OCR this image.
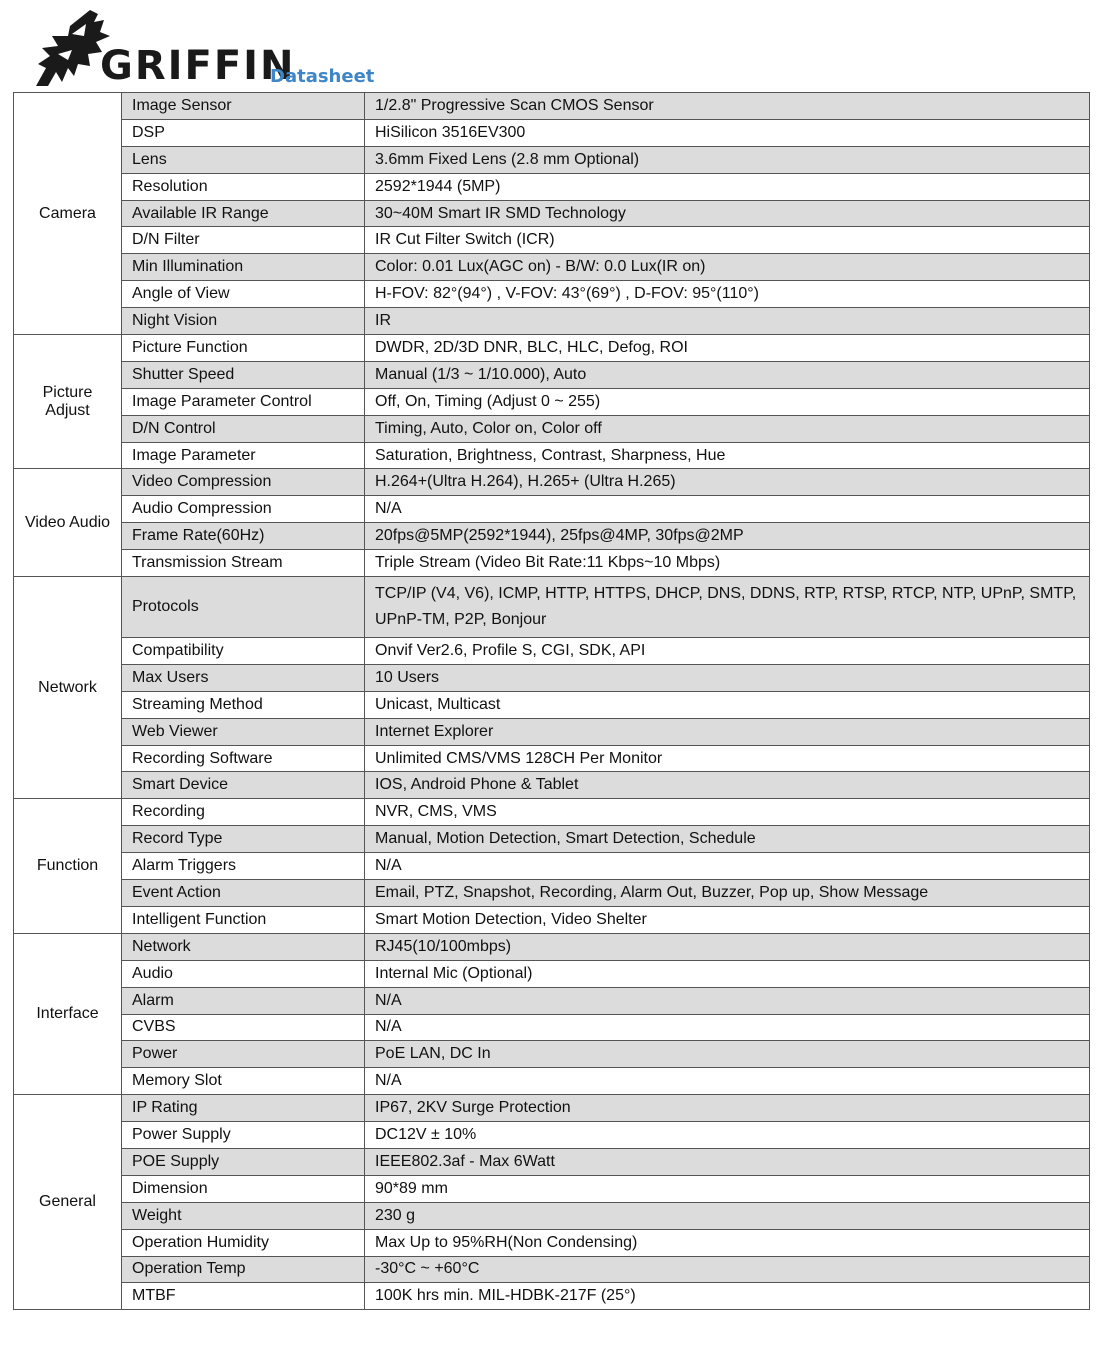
GRIFFIN
Datasheet
Camera	Image Sensor	1/2.8" Progressive Scan CMOS Sensor
	DSP	HiSilicon 3516EV300
	Lens	3.6mm Fixed Lens (2.8 mm Optional)
	Resolution	2592*1944 (5MP)
	Available IR Range	30~40M Smart IR SMD Technology
	D/N Filter	IR Cut Filter Switch (ICR)
	Min Illumination	Color: 0.01 Lux(AGC on) - B/W: 0.0 Lux(IR on)
	Angle of View	H-FOV: 82°(94°) , V-FOV: 43°(69°) , D-FOV: 95°(110°)
	Night Vision	IR
Picture Adjust	Picture Function	DWDR, 2D/3D DNR, BLC, HLC, Defog, ROI
	Shutter Speed	Manual (1/3 ~ 1/10.000), Auto
	Image Parameter Control	Off, On, Timing (Adjust 0 ~ 255)
	D/N Control	Timing, Auto, Color on, Color off
	Image Parameter	Saturation, Brightness, Contrast, Sharpness, Hue
Video Audio	Video Compression	H.264+(Ultra H.264), H.265+ (Ultra H.265)
	Audio Compression	N/A
	Frame Rate(60Hz)	20fps@5MP(2592*1944), 25fps@4MP, 30fps@2MP
	Transmission Stream	Triple Stream (Video Bit Rate:11 Kbps~10 Mbps)
Network	Protocols	TCP/IP (V4, V6), ICMP, HTTP, HTTPS, DHCP, DNS, DDNS, RTP, RTSP, RTCP, NTP, UPnP, SMTP, UPnP-TM, P2P, Bonjour
	Compatibility	Onvif Ver2.6, Profile S, CGI, SDK, API
	Max Users	10 Users
	Streaming Method	Unicast, Multicast
	Web Viewer	Internet Explorer
	Recording Software	Unlimited CMS/VMS 128CH Per Monitor
	Smart Device	IOS, Android Phone & Tablet
Function	Recording	NVR, CMS, VMS
	Record Type	Manual, Motion Detection, Smart Detection, Schedule
	Alarm Triggers	N/A
	Event Action	Email, PTZ, Snapshot, Recording, Alarm Out, Buzzer, Pop up, Show Message
	Intelligent Function	Smart Motion Detection, Video Shelter
Interface	Network	RJ45(10/100mbps)
	Audio	Internal Mic (Optional)
	Alarm	N/A
	CVBS	N/A
	Power	PoE LAN, DC In
	Memory Slot	N/A
General	IP Rating	IP67, 2KV Surge Protection
	Power Supply	DC12V ± 10%
	POE Supply	IEEE802.3af - Max 6Watt
	Dimension	90*89 mm
	Weight	230 g
	Operation Humidity	Max Up to 95%RH(Non Condensing)
	Operation Temp	-30°C ~ +60°C
	MTBF	100K hrs min. MIL-HDBK-217F (25°)
